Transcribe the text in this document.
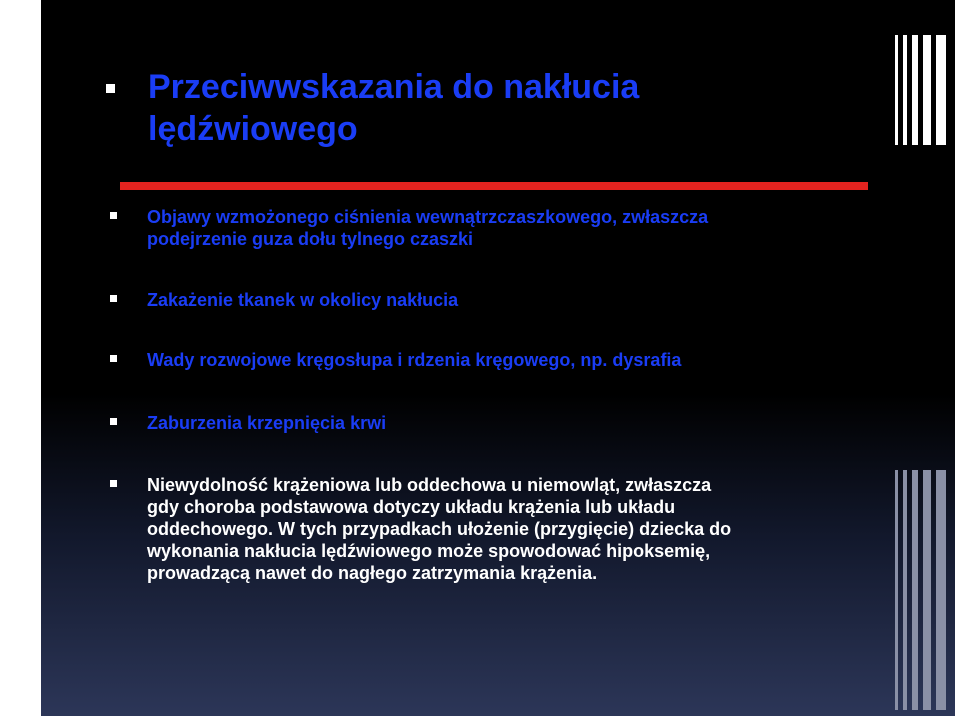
Przeciwwskazania do nakłucia
lędźwiowego
Objawy wzmożonego ciśnienia wewnątrzczaszkowego, zwłaszcza
podejrzenie guza dołu tylnego czaszki
Zakażenie tkanek w okolicy nakłucia
Wady rozwojowe kręgosłupa i rdzenia kręgowego, np. dysrafia
Zaburzenia krzepnięcia krwi
Niewydolność krążeniowa lub oddechowa u niemowląt, zwłaszcza
gdy choroba podstawowa dotyczy układu krążenia lub układu
oddechowego. W tych przypadkach ułożenie (przygięcie) dziecka do
wykonania nakłucia lędźwiowego może spowodować hipoksemię,
prowadzącą nawet do nagłego zatrzymania krążenia.
